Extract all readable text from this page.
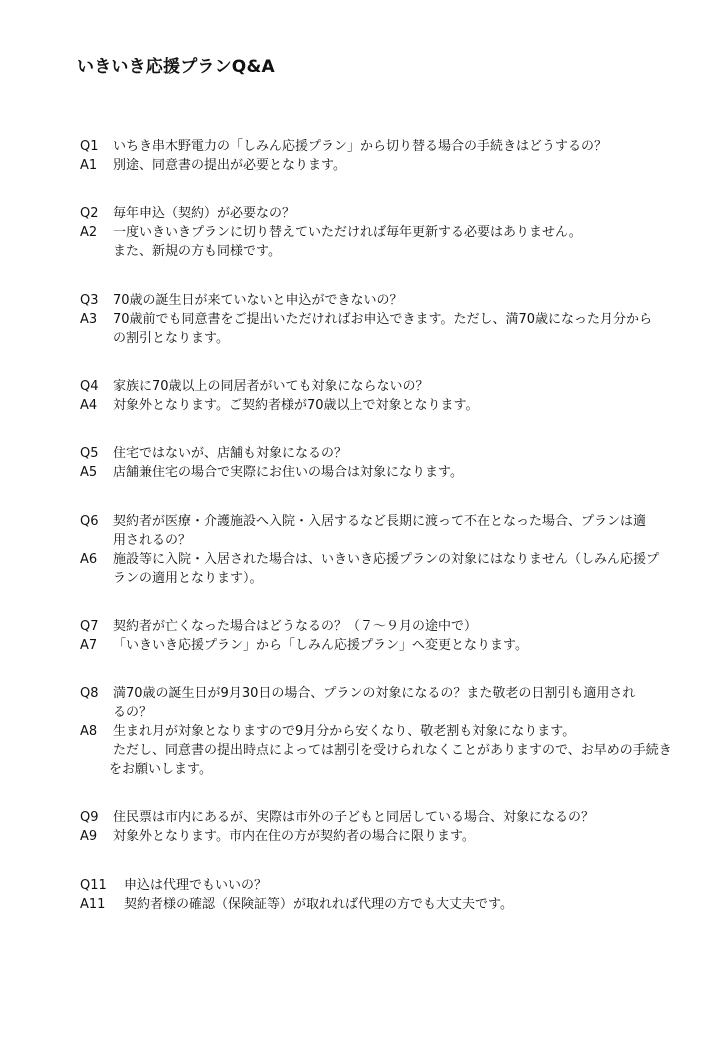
いきいき応援プランQ&A
Q1 いちき串木野電力の「しみん応援プラン」から切り替る場合の手続きはどうするの？
A1 別途、同意書の提出が必要となります。
Q2 毎年申込（契約）が必要なの？
A2 一度いきいきプランに切り替えていただければ毎年更新する必要はありません。
また、新規の方も同様です。
Q3 70歳の誕生日が来ていないと申込ができないの？
A3 70歳前でも同意書をご提出いただければお申込できます。ただし、満70歳になった月分から
の割引となります。
Q4 家族に70歳以上の同居者がいても対象にならないの？
A4 対象外となります。ご契約者様が70歳以上で対象となります。
Q5 住宅ではないが、店舗も対象になるの？
A5 店舗兼住宅の場合で実際にお住いの場合は対象になります。
Q6 契約者が医療・介護施設へ入院・入居するなど長期に渡って不在となった場合、プランは適
用されるの？
A6 施設等に入院・入居された場合は、いきいき応援プランの対象にはなりません（しみん応援プ
ランの適用となります）。
Q7 契約者が亡くなった場合はどうなるの？（７～９月の途中で）
A7 「いきいき応援プラン」から「しみん応援プラン」へ変更となります。
Q8 満70歳の誕生日が9月30日の場合、プランの対象になるの？また敬老の日割引も適用され
るの？
A8 生まれ月が対象となりますので9月分から安くなり、敬老割も対象になります。
ただし、同意書の提出時点によっては割引を受けられなくことがありますので、お早めの手続き
をお願いします。
Q9 住民票は市内にあるが、実際は市外の子どもと同居している場合、対象になるの？
A9 対象外となります。市内在住の方が契約者の場合に限ります。
Q11 申込は代理でもいいの？
A11 契約者様の確認（保険証等）が取れれば代理の方でも大丈夫です。
